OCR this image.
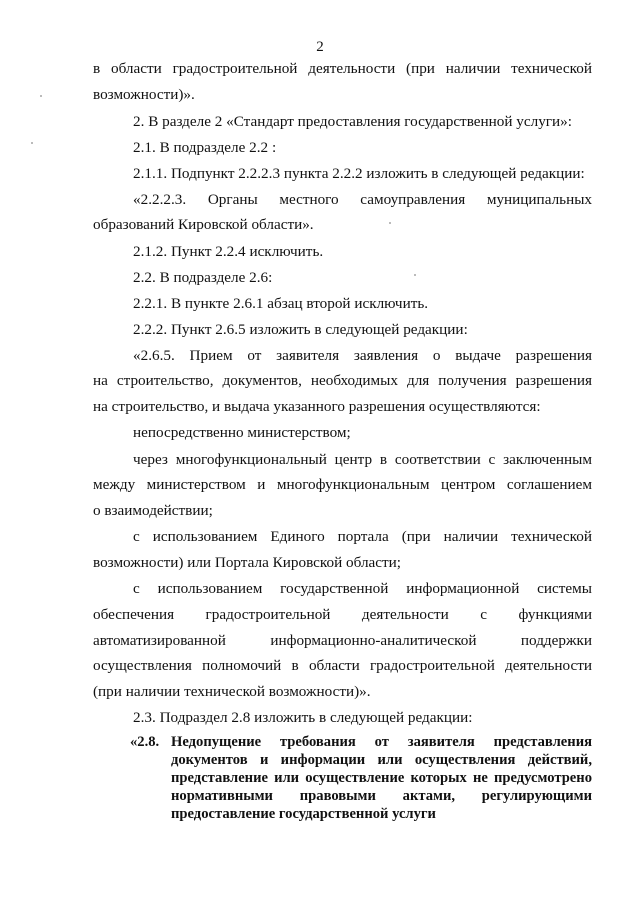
2
в области градостроительной деятельности (при наличии технической
возможности)».
2. В разделе 2 «Стандарт предоставления государственной услуги»:
2.1. В подразделе 2.2 :
2.1.1. Подпункт 2.2.2.3 пункта 2.2.2 изложить в следующей редакции:
«2.2.2.3. Органы местного самоуправления муниципальных
образований Кировской области».
2.1.2. Пункт 2.2.4 исключить.
2.2. В подразделе 2.6:
2.2.1. В пункте 2.6.1 абзац второй исключить.
2.2.2. Пункт 2.6.5 изложить в следующей редакции:
«2.6.5. Прием от заявителя заявления о выдаче разрешения
на строительство, документов, необходимых для получения разрешения
на строительство, и выдача указанного разрешения осуществляются:
непосредственно министерством;
через многофункциональный центр в соответствии с заключенным
между министерством и многофункциональным центром соглашением
о взаимодействии;
с использованием Единого портала (при наличии технической
возможности) или Портала Кировской области;
с использованием государственной информационной системы
обеспечения градостроительной деятельности с функциями
автоматизированной информационно-аналитической поддержки
осуществления полномочий в области градостроительной деятельности
(при наличии технической возможности)».
2.3. Подраздел 2.8 изложить в следующей редакции:
«2.8. Недопущение требования от заявителя представления
документов и информации или осуществления действий,
представление или осуществление которых не предусмотрено
нормативными правовыми актами, регулирующими
предоставление государственной услуги
